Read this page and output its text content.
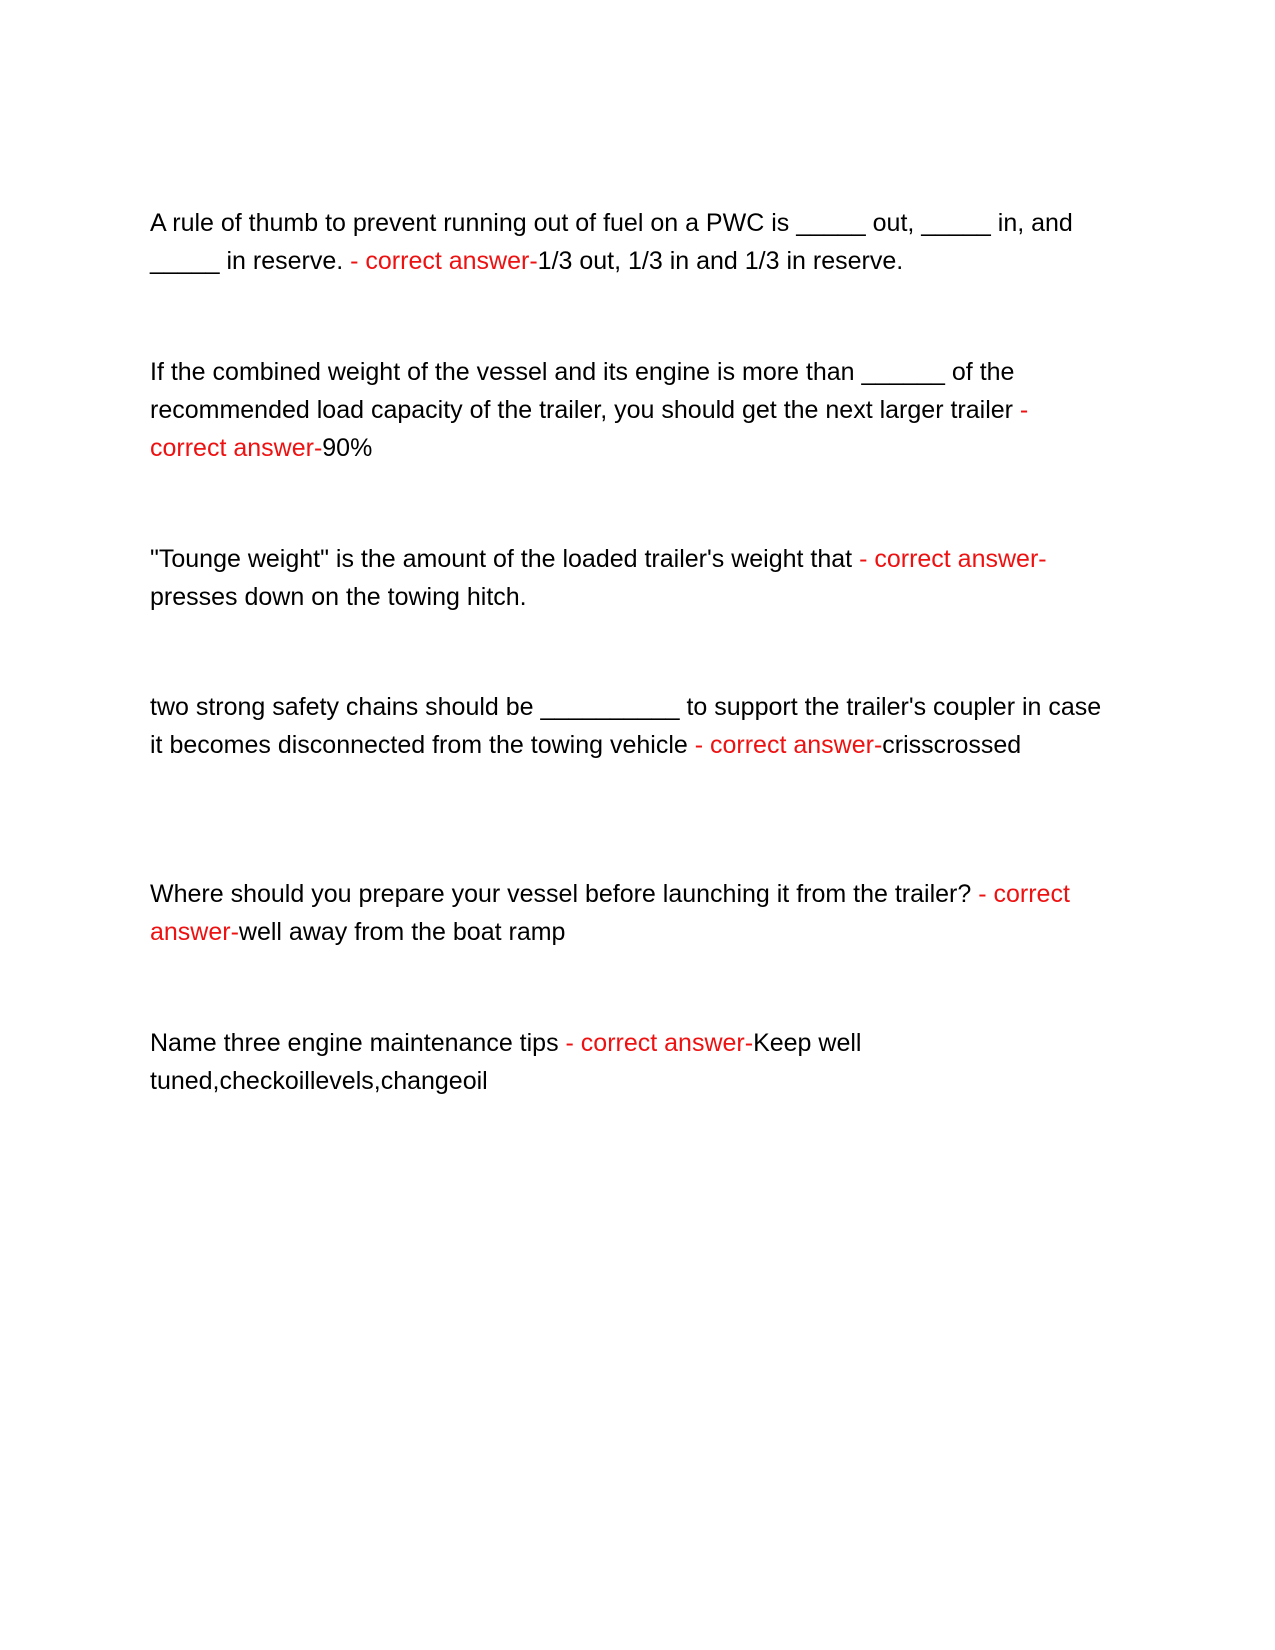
A rule of thumb to prevent running out of fuel on a PWC is _____ out, _____ in, and _____ in reserve. - correct answer-1/3 out, 1/3 in and 1/3 in reserve.
If the combined weight of the vessel and its engine is more than ______ of the recommended load capacity of the trailer, you should get the next larger trailer - correct answer-90%
"Tounge weight" is the amount of the loaded trailer's weight that - correct answer-presses down on the towing hitch.
two strong safety chains should be __________ to support the trailer's coupler in case it becomes disconnected from the towing vehicle - correct answer-crisscrossed
Where should you prepare your vessel before launching it from the trailer? - correct answer-well away from the boat ramp
Name three engine maintenance tips - correct answer-Keep well tuned,checkoillevels,changeoil
